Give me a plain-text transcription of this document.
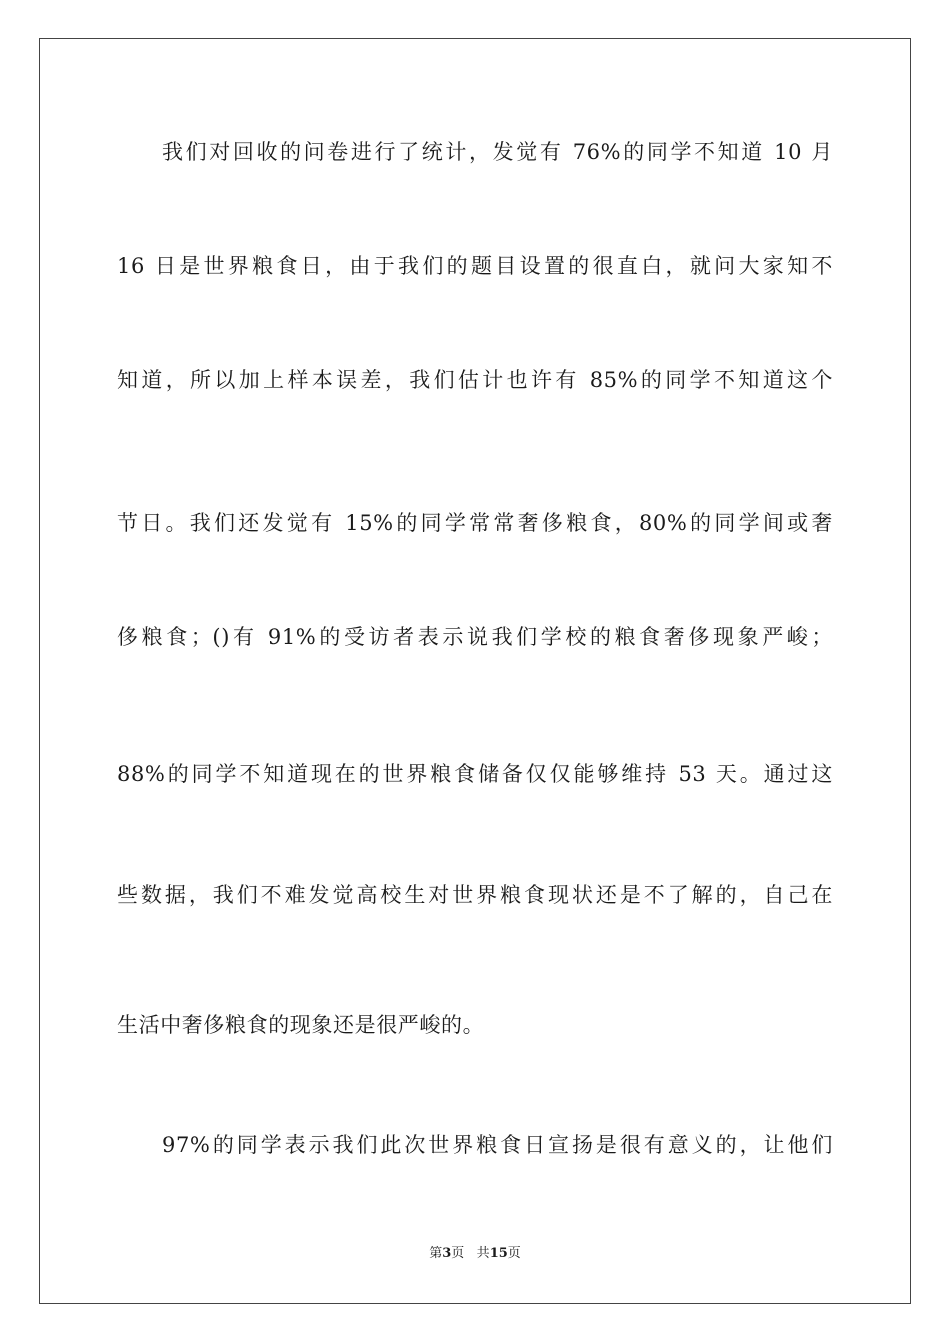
我们对回收的问卷进行了统计，发觉有 76%的同学不知道 10 月
16 日是世界粮食日，由于我们的题目设置的很直白，就问大家知不
知道，所以加上样本误差，我们估计也许有 85%的同学不知道这个
节日。我们还发觉有 15%的同学常常奢侈粮食，80%的同学间或奢
侈粮食；()有 91%的受访者表示说我们学校的粮食奢侈现象严峻；
88%的同学不知道现在的世界粮食储备仅仅能够维持 53 天。通过这
些数据，我们不难发觉高校生对世界粮食现状还是不了解的，自己在
生活中奢侈粮食的现象还是很严峻的。
97%的同学表示我们此次世界粮食日宣扬是很有意义的，让他们
第3页 共15页
